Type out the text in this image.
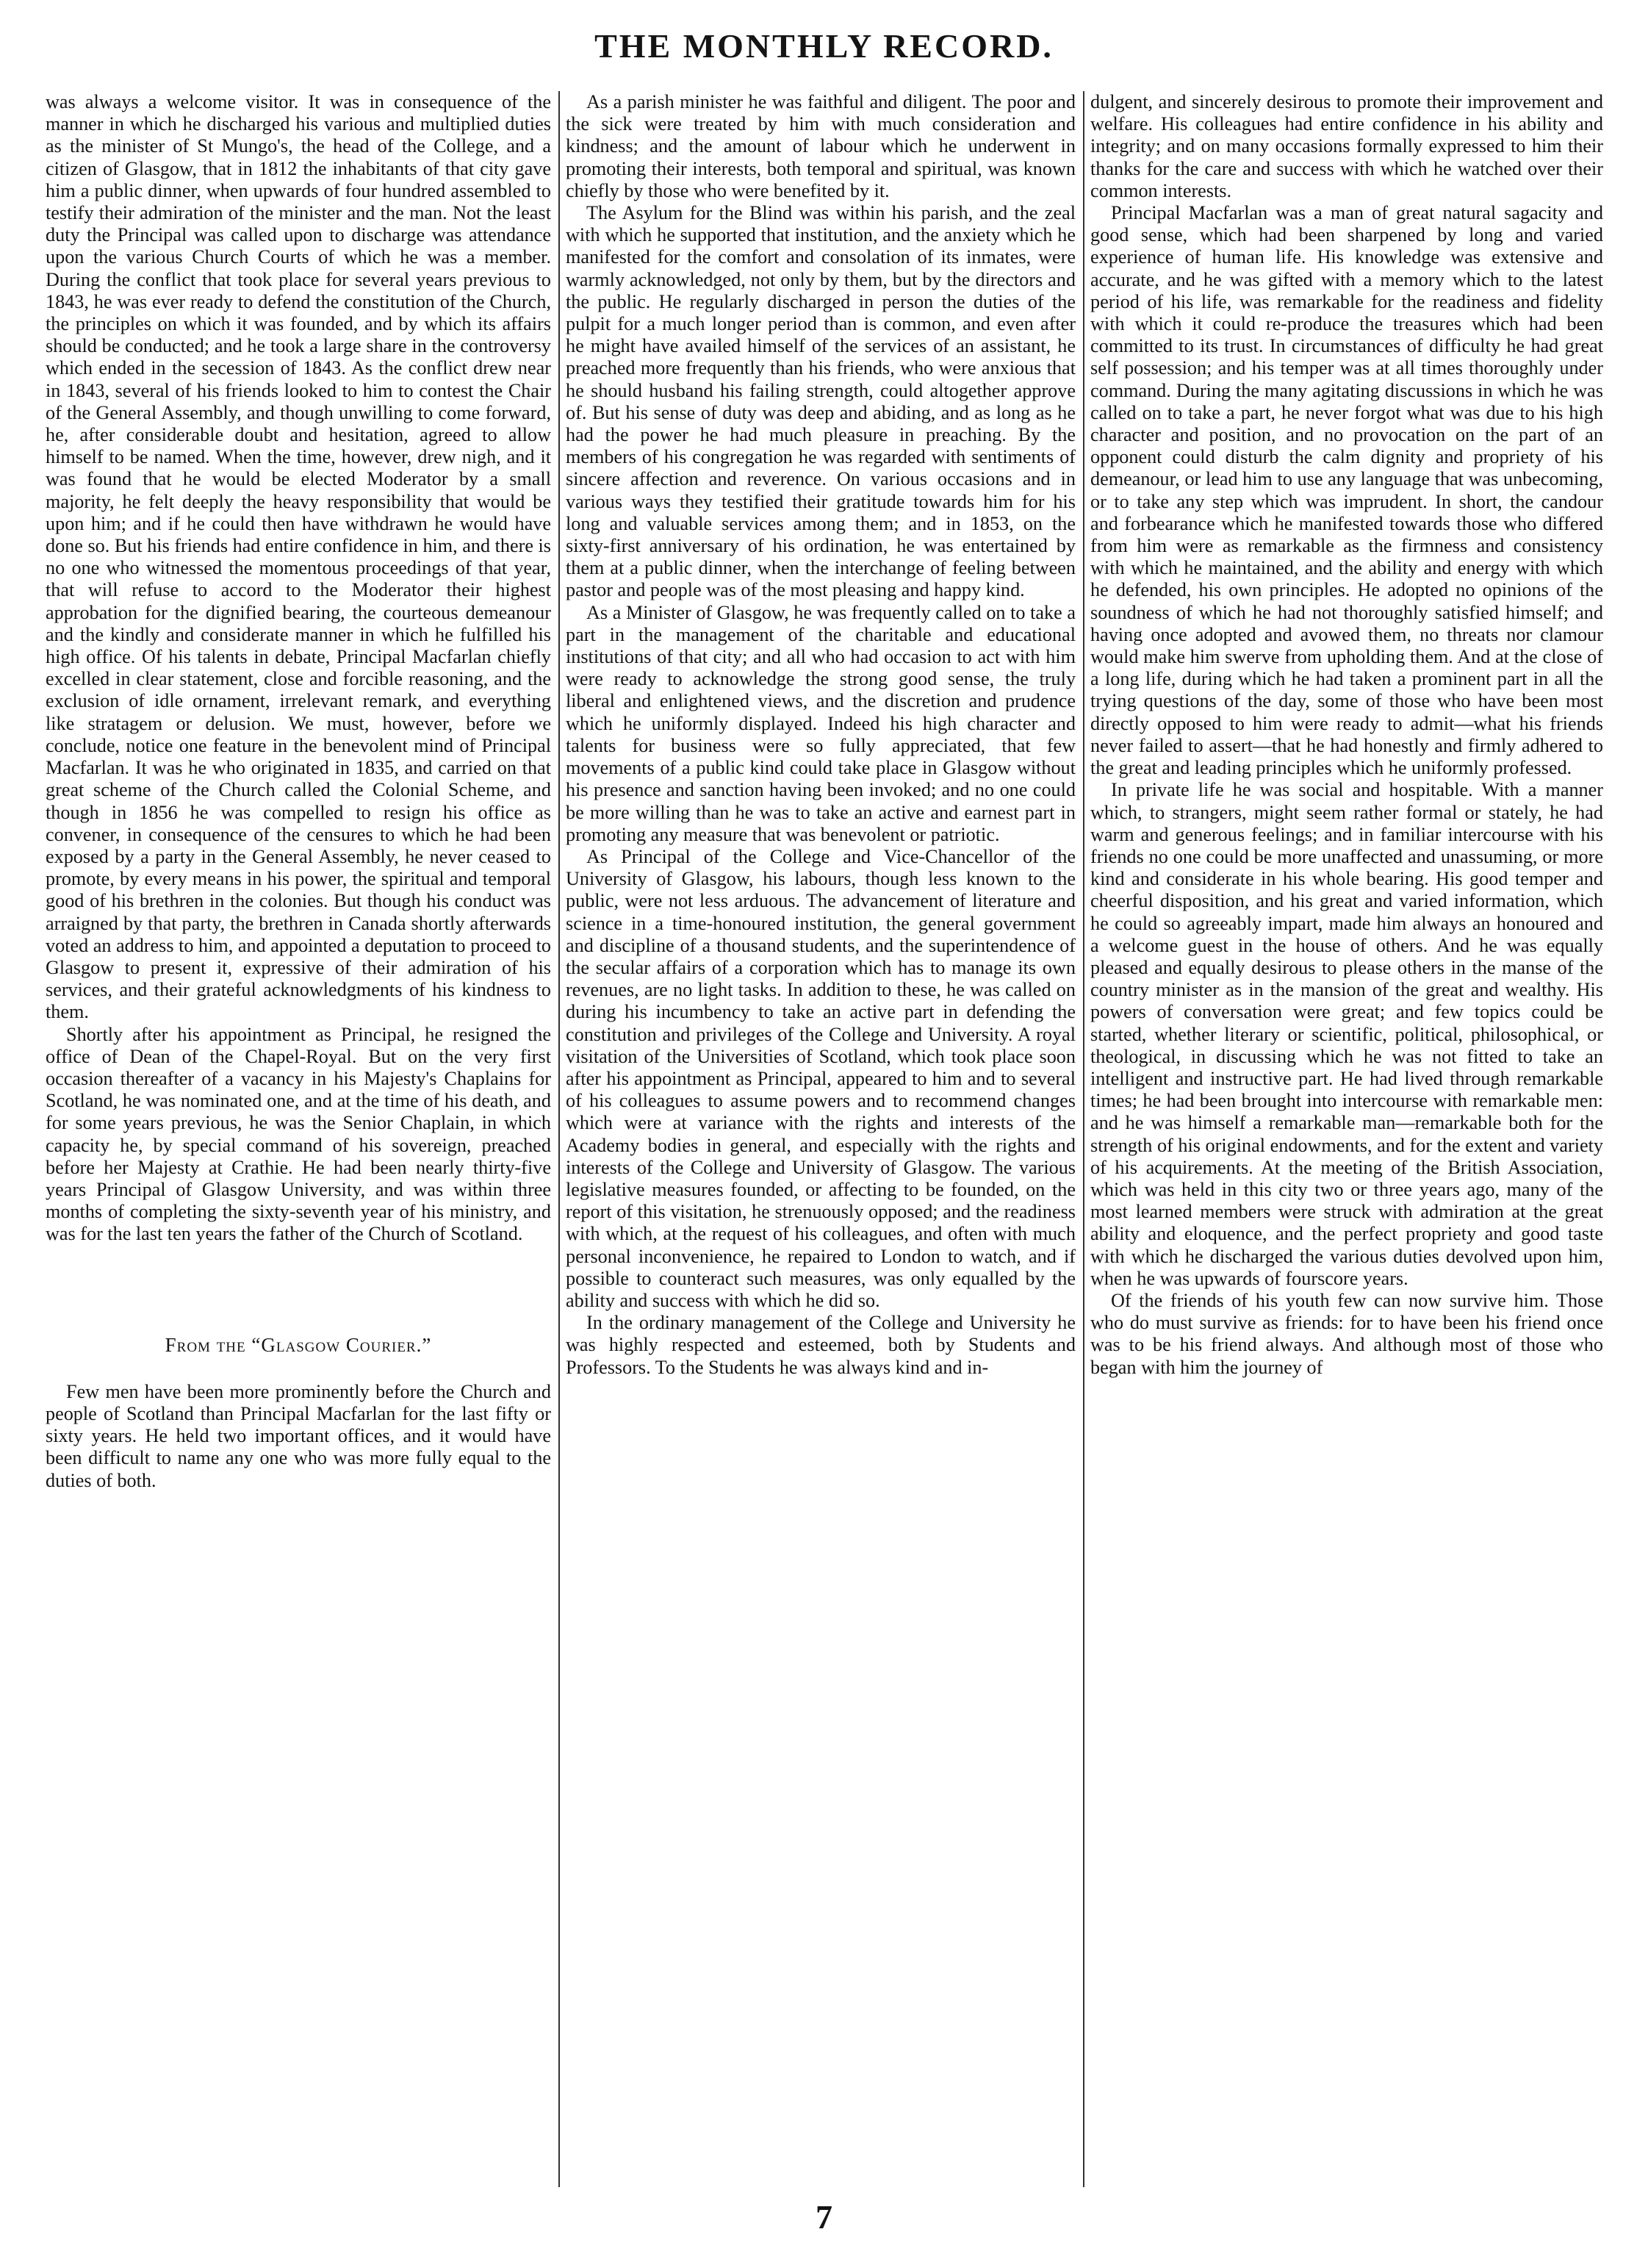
THE MONTHLY RECORD.

was always a welcome visitor. It was in consequence of the manner in which he discharged his various and multiplied duties as the minister of St Mungo's, the head of the College, and a citizen of Glasgow, that in 1812 the inhabitants of that city gave him a public dinner, when upwards of four hundred assembled to testify their admiration of the minister and the man. Not the least duty the Principal was called upon to discharge was attendance upon the various Church Courts of which he was a member. During the conflict that took place for several years previous to 1843, he was ever ready to defend the constitution of the Church, the principles on which it was founded, and by which its affairs should be conducted; and he took a large share in the controversy which ended in the secession of 1843. As the conflict drew near in 1843, several of his friends looked to him to contest the Chair of the General Assembly, and though unwilling to come forward, he, after considerable doubt and hesitation, agreed to allow himself to be named. When the time, however, drew nigh, and it was found that he would be elected Moderator by a small majority, he felt deeply the heavy responsibility that would be upon him; and if he could then have withdrawn he would have done so. But his friends had entire confidence in him, and there is no one who witnessed the momentous proceedings of that year, that will refuse to accord to the Moderator their highest approbation for the dignified bearing, the courteous demeanour and the kindly and considerate manner in which he fulfilled his high office. Of his talents in debate, Principal Macfarlan chiefly excelled in clear statement, close and forcible reasoning, and the exclusion of idle ornament, irrelevant remark, and everything like stratagem or delusion. We must, however, before we conclude, notice one feature in the benevolent mind of Principal Macfarlan. It was he who originated in 1835, and carried on that great scheme of the Church called the Colonial Scheme, and though in 1856 he was compelled to resign his office as convener, in consequence of the censures to which he had been exposed by a party in the General Assembly, he never ceased to promote, by every means in his power, the spiritual and temporal good of his brethren in the colonies. But though his conduct was arraigned by that party, the brethren in Canada shortly afterwards voted an address to him, and appointed a deputation to proceed to Glasgow to present it, expressive of their admiration of his services, and their grateful acknowledgments of his kindness to them.

Shortly after his appointment as Principal, he resigned the office of Dean of the Chapel-Royal. But on the very first occasion thereafter of a vacancy in his Majesty's Chaplains for Scotland, he was nominated one, and at the time of his death, and for some years previous, he was the Senior Chaplain, in which capacity he, by special command of his sovereign, preached before her Majesty at Crathie. He had been nearly thirty-five years Principal of Glasgow University, and was within three months of completing the sixty-seventh year of his ministry, and was for the last ten years the father of the Church of Scotland.

From the “Glasgow Courier.”

Few men have been more prominently before the Church and people of Scotland than Principal Macfarlan for the last fifty or sixty years. He held two important offices, and it would have been difficult to name any one who was more fully equal to the duties of both.

As a parish minister he was faithful and diligent. The poor and the sick were treated by him with much consideration and kindness; and the amount of labour which he underwent in promoting their interests, both temporal and spiritual, was known chiefly by those who were benefited by it.

The Asylum for the Blind was within his parish, and the zeal with which he supported that institution, and the anxiety which he manifested for the comfort and consolation of its inmates, were warmly acknowledged, not only by them, but by the directors and the public. He regularly discharged in person the duties of the pulpit for a much longer period than is common, and even after he might have availed himself of the services of an assistant, he preached more frequently than his friends, who were anxious that he should husband his failing strength, could altogether approve of. But his sense of duty was deep and abiding, and as long as he had the power he had much pleasure in preaching. By the members of his congregation he was regarded with sentiments of sincere affection and reverence. On various occasions and in various ways they testified their gratitude towards him for his long and valuable services among them; and in 1853, on the sixty-first anniversary of his ordination, he was entertained by them at a public dinner, when the interchange of feeling between pastor and people was of the most pleasing and happy kind.

As a Minister of Glasgow, he was frequently called on to take a part in the management of the charitable and educational institutions of that city; and all who had occasion to act with him were ready to acknowledge the strong good sense, the truly liberal and enlightened views, and the discretion and prudence which he uniformly displayed. Indeed his high character and talents for business were so fully appreciated, that few movements of a public kind could take place in Glasgow without his presence and sanction having been invoked; and no one could be more willing than he was to take an active and earnest part in promoting any measure that was benevolent or patriotic.

As Principal of the College and Vice-Chancellor of the University of Glasgow, his labours, though less known to the public, were not less arduous. The advancement of literature and science in a time-honoured institution, the general government and discipline of a thousand students, and the superintendence of the secular affairs of a corporation which has to manage its own revenues, are no light tasks. In addition to these, he was called on during his incumbency to take an active part in defending the constitution and privileges of the College and University. A royal visitation of the Universities of Scotland, which took place soon after his appointment as Principal, appeared to him and to several of his colleagues to assume powers and to recommend changes which were at variance with the rights and interests of the Academy bodies in general, and especially with the rights and interests of the College and University of Glasgow. The various legislative measures founded, or affecting to be founded, on the report of this visitation, he strenuously opposed; and the readiness with which, at the request of his colleagues, and often with much personal inconvenience, he repaired to London to watch, and if possible to counteract such measures, was only equalled by the ability and success with which he did so.

In the ordinary management of the College and University he was highly respected and esteemed, both by Students and Professors. To the Students he was always kind and in-

dulgent, and sincerely desirous to promote their improvement and welfare. His colleagues had entire confidence in his ability and integrity; and on many occasions formally expressed to him their thanks for the care and success with which he watched over their common interests.

Principal Macfarlan was a man of great natural sagacity and good sense, which had been sharpened by long and varied experience of human life. His knowledge was extensive and accurate, and he was gifted with a memory which to the latest period of his life, was remarkable for the readiness and fidelity with which it could re-produce the treasures which had been committed to its trust. In circumstances of difficulty he had great self possession; and his temper was at all times thoroughly under command. During the many agitating discussions in which he was called on to take a part, he never forgot what was due to his high character and position, and no provocation on the part of an opponent could disturb the calm dignity and propriety of his demeanour, or lead him to use any language that was unbecoming, or to take any step which was imprudent. In short, the candour and forbearance which he manifested towards those who differed from him were as remarkable as the firmness and consistency with which he maintained, and the ability and energy with which he defended, his own principles. He adopted no opinions of the soundness of which he had not thoroughly satisfied himself; and having once adopted and avowed them, no threats nor clamour would make him swerve from upholding them. And at the close of a long life, during which he had taken a prominent part in all the trying questions of the day, some of those who have been most directly opposed to him were ready to admit—what his friends never failed to assert—that he had honestly and firmly adhered to the great and leading principles which he uniformly professed.

In private life he was social and hospitable. With a manner which, to strangers, might seem rather formal or stately, he had warm and generous feelings; and in familiar intercourse with his friends no one could be more unaffected and unassuming, or more kind and considerate in his whole bearing. His good temper and cheerful disposition, and his great and varied information, which he could so agreeably impart, made him always an honoured and a welcome guest in the house of others. And he was equally pleased and equally desirous to please others in the manse of the country minister as in the mansion of the great and wealthy. His powers of conversation were great; and few topics could be started, whether literary or scientific, political, philosophical, or theological, in discussing which he was not fitted to take an intelligent and instructive part. He had lived through remarkable times; he had been brought into intercourse with remarkable men: and he was himself a remarkable man—remarkable both for the strength of his original endowments, and for the extent and variety of his acquirements. At the meeting of the British Association, which was held in this city two or three years ago, many of the most learned members were struck with admiration at the great ability and eloquence, and the perfect propriety and good taste with which he discharged the various duties devolved upon him, when he was upwards of fourscore years.

Of the friends of his youth few can now survive him. Those who do must survive as friends: for to have been his friend once was to be his friend always. And although most of those who began with him the journey of

7
